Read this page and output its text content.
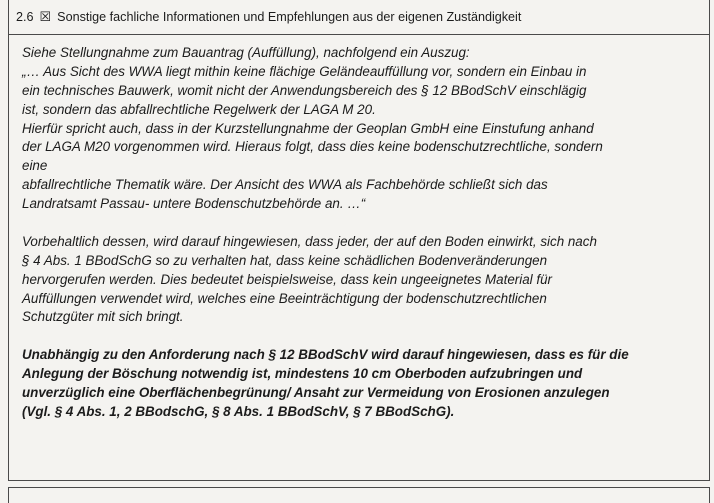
2.6 ☒ Sonstige fachliche Informationen und Empfehlungen aus der eigenen Zuständigkeit
Siehe Stellungnahme zum Bauantrag (Auffüllung), nachfolgend ein Auszug:
„… Aus Sicht des WWA liegt mithin keine flächige Geländeauffüllung vor, sondern ein Einbau in
ein technisches Bauwerk, womit nicht der Anwendungsbereich des § 12 BBodSchV einschlägig
ist, sondern das abfallrechtliche Regelwerk der LAGA M 20.
Hierfür spricht auch, dass in der Kurzstellungnahme der Geoplan GmbH eine Einstufung anhand
der LAGA M20 vorgenommen wird. Hieraus folgt, dass dies keine bodenschutzrechtliche, sondern
eine
abfallrechtliche Thematik wäre. Der Ansicht des WWA als Fachbehörde schließt sich das
Landratsamt Passau- untere Bodenschutzbehörde an. …“
Vorbehaltlich dessen, wird darauf hingewiesen, dass jeder, der auf den Boden einwirkt, sich nach
§ 4 Abs. 1 BBodSchG so zu verhalten hat, dass keine schädlichen Bodenveränderungen
hervorgerufen werden. Dies bedeutet beispielsweise, dass kein ungeeignetes Material für
Auffüllungen verwendet wird, welches eine Beeinträchtigung der bodenschutzrechtlichen
Schutzgüter mit sich bringt.
Unabhängig zu den Anforderung nach § 12 BBodSchV wird darauf hingewiesen, dass es für die
Anlegung der Böschung notwendig ist, mindestens 10 cm Oberboden aufzubringen und
unverzüglich eine Oberflächenbegrünung/ Ansaht zur Vermeidung von Erosionen anzulegen
(Vgl. § 4 Abs. 1, 2 BBodschG, § 8 Abs. 1 BBodSchV, § 7 BBodSchG).
